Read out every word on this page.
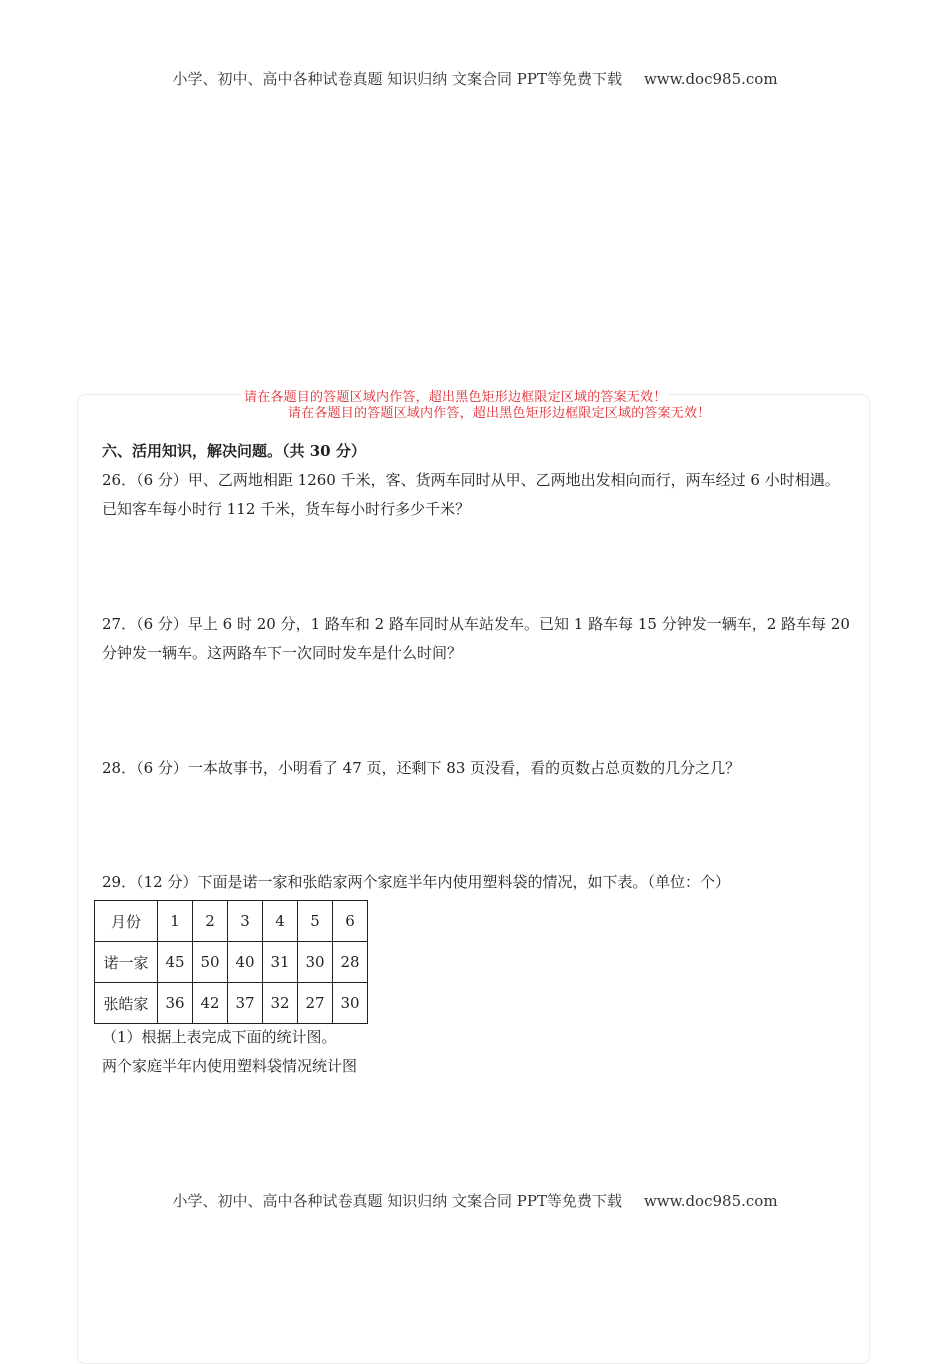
小学、初中、高中各种试卷真题 知识归纳 文案合同 PPT等免费下载 www.doc985.com
请在各题目的答题区域内作答，超出黑色矩形边框限定区域的答案无效！
请在各题目的答题区域内作答，超出黑色矩形边框限定区域的答案无效！
六、活用知识，解决问题。（共 30 分）
26．（6 分）甲、乙两地相距 1260 千米，客、货两车同时从甲、乙两地出发相向而行，两车经过 6 小时相遇。已知客车每小时行 112 千米，货车每小时行多少千米？
27．（6 分）早上 6 时 20 分，1 路车和 2 路车同时从车站发车。已知 1 路车每 15 分钟发一辆车，2 路车每 20 分钟发一辆车。这两路车下一次同时发车是什么时间？
28．（6 分）一本故事书，小明看了 47 页，还剩下 83 页没看，看的页数占总页数的几分之几？
29．（12 分）下面是诺一家和张皓家两个家庭半年内使用塑料袋的情况，如下表。（单位：个）
月份	1	2	3	4	5	6
诺一家	45	50	40	31	30	28
张皓家	36	42	37	32	27	30
（1）根据上表完成下面的统计图。
两个家庭半年内使用塑料袋情况统计图
小学、初中、高中各种试卷真题 知识归纳 文案合同 PPT等免费下载 www.doc985.com
